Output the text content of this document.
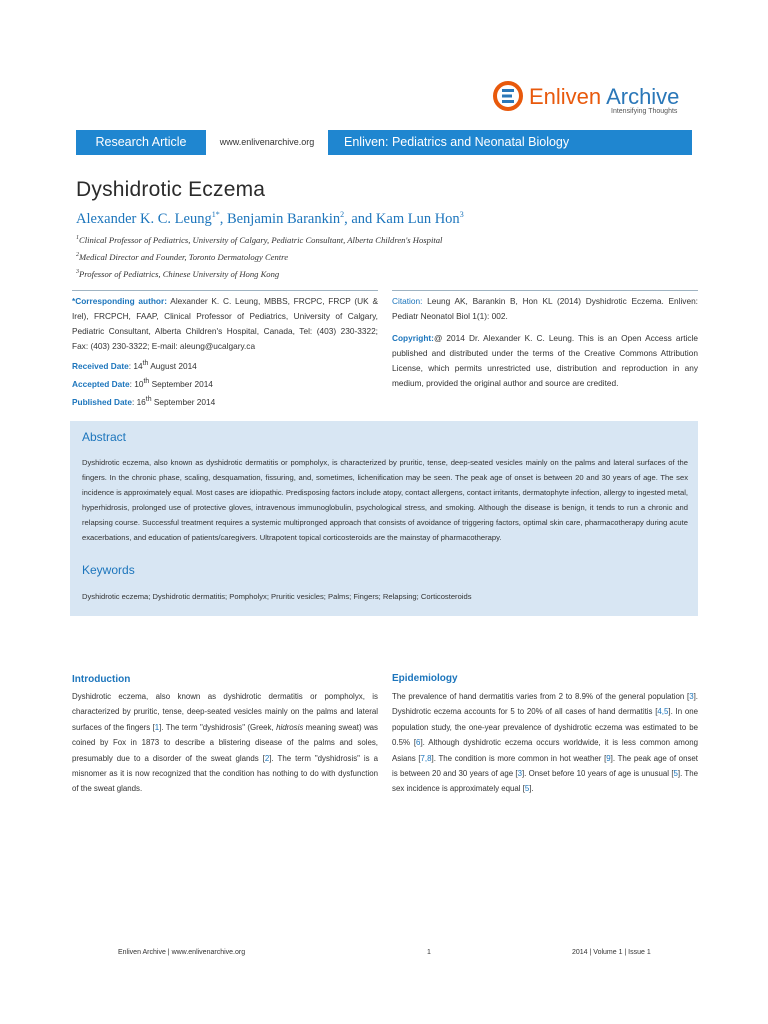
Enliven Archive
Intensifying Thoughts
Research Article	www.enlivenarchive.org	Enliven: Pediatrics and Neonatal Biology
Dyshidrotic Eczema
Alexander K. C. Leung$^{1*}$, Benjamin Barankin$^2$, and Kam Lun Hon$^3$
$^1$Clinical Professor of Pediatrics, University of Calgary, Pediatric Consultant, Alberta Children's Hospital
$^2$Medical Director and Founder, Toronto Dermatology Centre
$^3$Professor of Pediatrics, Chinese University of Hong Kong
*Corresponding author: Alexander K. C. Leung, MBBS, FRCPC, FRCP (UK & Irel), FRCPCH, FAAP, Clinical Professor of Pediatrics, University of Calgary, Pediatric Consultant, Alberta Children's Hospital, Canada, Tel: (403) 230-3322; Fax: (403) 230-3322; E-mail: aleung@ucalgary.ca
Received Date: 14th August 2014
Accepted Date: 10th September 2014
Published Date: 16th September 2014
Citation: Leung AK, Barankin B, Hon KL (2014) Dyshidrotic Eczema. Enliven: Pediatr Neonatol Biol 1(1): 002.
Copyright:@ 2014 Dr. Alexander K. C. Leung. This is an Open Access article published and distributed under the terms of the Creative Commons Attribution License, which permits unrestricted use, distribution and reproduction in any medium, provided the original author and source are credited.
Abstract
Dyshidrotic eczema, also known as dyshidrotic dermatitis or pompholyx, is characterized by pruritic, tense, deep-seated vesicles mainly on the palms and lateral surfaces of the fingers. In the chronic phase, scaling, desquamation, fissuring, and, sometimes, lichenification may be seen. The peak age of onset is between 20 and 30 years of age. The sex incidence is approximately equal. Most cases are idiopathic. Predisposing factors include atopy, contact allergens, contact irritants, dermatophyte infection, allergy to ingested metal, hyperhidrosis, prolonged use of protective gloves, intravenous immunoglobulin, psychological stress, and smoking. Although the disease is benign, it tends to run a chronic and relapsing course. Successful treatment requires a systemic multipronged approach that consists of avoidance of triggering factors, optimal skin care, pharmacotherapy during acute exacerbations, and education of patients/caregivers. Ultrapotent topical corticosteroids are the mainstay of pharmacotherapy.
Keywords
Dyshidrotic eczema; Dyshidrotic dermatitis; Pompholyx; Pruritic vesicles; Palms; Fingers; Relapsing; Corticosteroids
Introduction
Dyshidrotic eczema, also known as dyshidrotic dermatitis or pompholyx, is characterized by pruritic, tense, deep-seated vesicles mainly on the palms and lateral surfaces of the fingers [1]. The term "dyshidrosis" (Greek, hidrosis meaning sweat) was coined by Fox in 1873 to describe a blistering disease of the palms and soles, presumably due to a disorder of the sweat glands [2]. The term "dyshidrosis" is a misnomer as it is now recognized that the condition has nothing to do with dysfunction of the sweat glands.
Epidemiology
The prevalence of hand dermatitis varies from 2 to 8.9% of the general population [3]. Dyshidrotic eczema accounts for 5 to 20% of all cases of hand dermatitis [4,5]. In one population study, the one-year prevalence of dyshidrotic eczema was estimated to be 0.5% [6]. Although dyshidrotic eczema occurs worldwide, it is less common among Asians [7,8]. The condition is more common in hot weather [9]. The peak age of onset is between 20 and 30 years of age [3]. Onset before 10 years of age is unusual [5]. The sex incidence is approximately equal [5].
Enliven Archive | www.enlivenarchive.org	1	2014 | Volume 1 | Issue 1
